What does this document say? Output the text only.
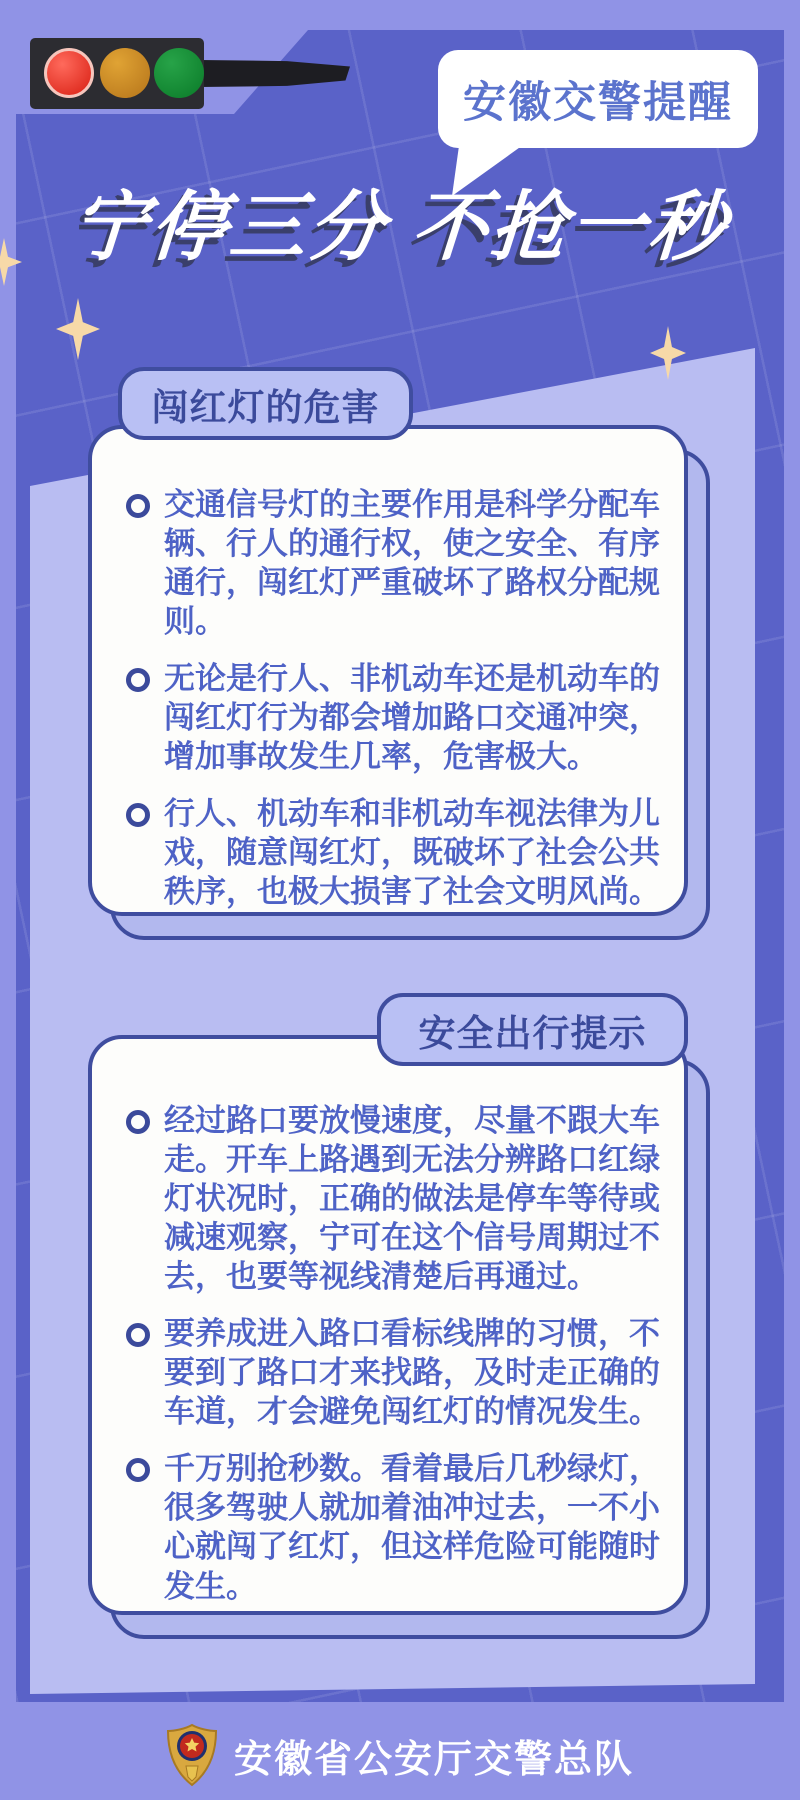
安徽交警提醒
宁停三分 不抢一秒

交通信号灯的主要作用是科学分配车辆、行人的通行权，使之安全、有序通行，闯红灯严重破坏了路权分配规则。

无论是行人、非机动车还是机动车的闯红灯行为都会增加路口交通冲突，增加事故发生几率，危害极大。

行人、机动车和非机动车视法律为儿戏，随意闯红灯，既破坏了社会公共秩序，也极大损害了社会文明风尚。

闯红灯的危害

经过路口要放慢速度，尽量不跟大车走。开车上路遇到无法分辨路口红绿灯状况时，正确的做法是停车等待或减速观察，宁可在这个信号周期过不去，也要等视线清楚后再通过。

要养成进入路口看标线牌的习惯，不要到了路口才来找路，及时走正确的车道，才会避免闯红灯的情况发生。

千万别抢秒数。看着最后几秒绿灯，很多驾驶人就加着油冲过去，一不小心就闯了红灯，但这样危险可能随时发生。

安全出行提示
安徽省公安厅交警总队
